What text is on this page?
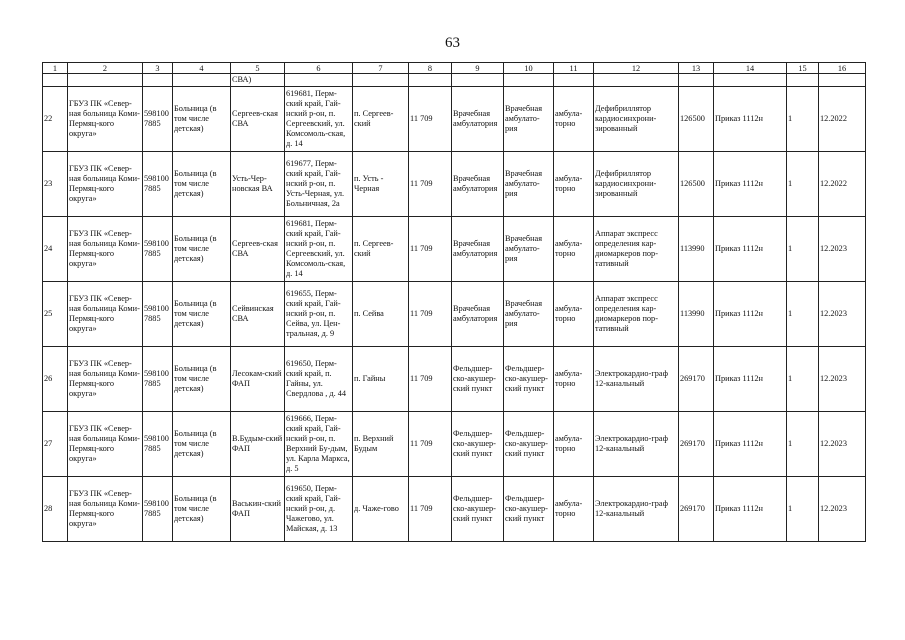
63
1	2	3	4	5	6	7	8	9	10	11	12	13	14	15	16
				СВА)											
22	ГБУЗ ПК «Север-ная больница Коми-Пермяц-кого округа»	598100 7885	Больница (в том числе детская)	Сергеев-ская СВА	619681, Перм-ский край, Гай-нский р-он, п. Сергеевский, ул. Комсомоль-ская, д. 14	п. Сергеев-ский	11 709	Врачебная амбулатория	Врачебная амбулато-рия	амбула-торно	Дефибриллятор кардиосинхрони-зированный	126500	Приказ 1112н	1	12.2022
23	ГБУЗ ПК «Север-ная больница Коми-Пермяц-кого округа»	598100 7885	Больница (в том числе детская)	Усть-Чер-новская ВА	619677, Перм-ский край, Гай-нский р-он, п. Усть-Черная, ул. Больничная, 2а	п. Усть - Черная	11 709	Врачебная амбулатория	Врачебная амбулато-рия	амбула-торно	Дефибриллятор кардиосинхрони-зированный	126500	Приказ 1112н	1	12.2022
24	ГБУЗ ПК «Север-ная больница Коми-Пермяц-кого округа»	598100 7885	Больница (в том числе детская)	Сергеев-ская СВА	619681, Перм-ский край, Гай-нский р-он, п. Сергеевский, ул. Комсомоль-ская, д. 14	п. Сергеев-ский	11 709	Врачебная амбулатория	Врачебная амбулато-рия	амбула-торно	Аппарат экспресс определения кар-диомаркеров пор-тативный	113990	Приказ 1112н	1	12.2023
25	ГБУЗ ПК «Север-ная больница Коми-Пермяц-кого округа»	598100 7885	Больница (в том числе детская)	Сейвинская СВА	619655, Перм-ский край, Гай-нский р-он, п. Сейва, ул. Цен-тральная, д. 9	п. Сейва	11 709	Врачебная амбулатория	Врачебная амбулато-рия	амбула-торно	Аппарат экспресс определения кар-диомаркеров пор-тативный	113990	Приказ 1112н	1	12.2023
26	ГБУЗ ПК «Север-ная больница Коми-Пермяц-кого округа»	598100 7885	Больница (в том числе детская)	Лесокам-ский ФАП	619650, Перм-ский край, п. Гайны, ул. Свердлова , д. 44	п. Гайны	11 709	Фельдшер-ско-акушер-ский пункт	Фельдшер-ско-акушер-ский пункт	амбула-торно	Электрокардио-граф 12-канальный	269170	Приказ 1112н	1	12.2023
27	ГБУЗ ПК «Север-ная больница Коми-Пермяц-кого округа»	598100 7885	Больница (в том числе детская)	В.Будым-ский ФАП	619666, Перм-ский край, Гай-нский р-он, п. Верхний Бу-дым, ул. Карла Маркса, д. 5	п. Верхний Будым	11 709	Фельдшер-ско-акушер-ский пункт	Фельдшер-ско-акушер-ский пункт	амбула-торно	Электрокардио-граф 12-канальный	269170	Приказ 1112н	1	12.2023
28	ГБУЗ ПК «Север-ная больница Коми-Пермяц-кого округа»	598100 7885	Больница (в том числе детская)	Васькин-ский ФАП	619650, Перм-ский край, Гай-нский р-он, д. Чажегово, ул. Майская, д. 13	д. Чаже-гово	11 709	Фельдшер-ско-акушер-ский пункт	Фельдшер-ско-акушер-ский пункт	амбула-торно	Электрокардио-граф 12-канальный	269170	Приказ 1112н	1	12.2023
